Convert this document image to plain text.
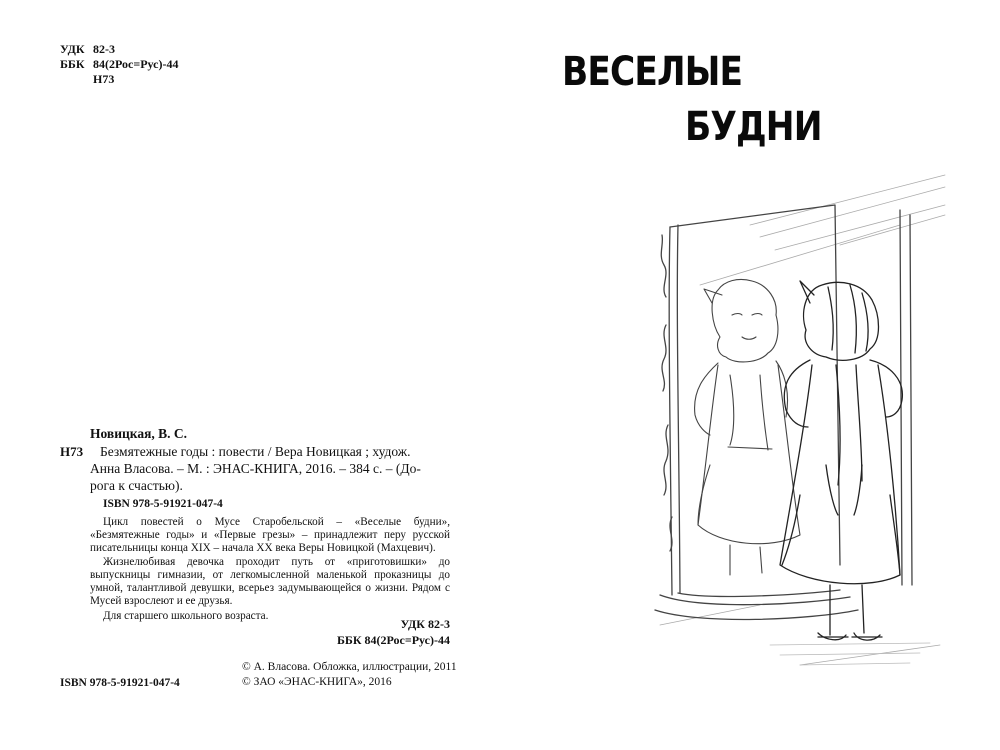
УДК 82-3
ББК 84(2Рос=Рус)-44
Н73
Новицкая, В. С.
Н73	Безмятежные годы : повести / Вера Новицкая ; худож.

Анна Власова. – М. : ЭНАС-КНИГА, 2016. – 384 с. – (До-

рога к счастью).

ISBN 978-5-91921-047-4

Цикл повестей о Мусе Старобельской – «Веселые будни», «Безмятежные годы» и «Первые грезы» – принадлежит перу русской писательницы конца XIX – начала XX века Веры Новицкой (Махцевич).

Жизнелюбивая девочка проходит путь от «приготовишки» до выпускницы гимназии, от легкомысленной маленькой проказницы до умной, талантливой девушки, всерьез задумывающейся о жизни. Рядом с Мусей взрослеют и ее друзья.

Для старшего школьного возраста.

УДК 82-3
ББК 84(2Рос=Рус)-44
© А. Власова. Обложка, иллюстрации, 2011
© ЗАО «ЭНАС-КНИГА», 2016
ISBN 978-5-91921-047-4
ВЕСЕЛЫЕ
БУДНИ
